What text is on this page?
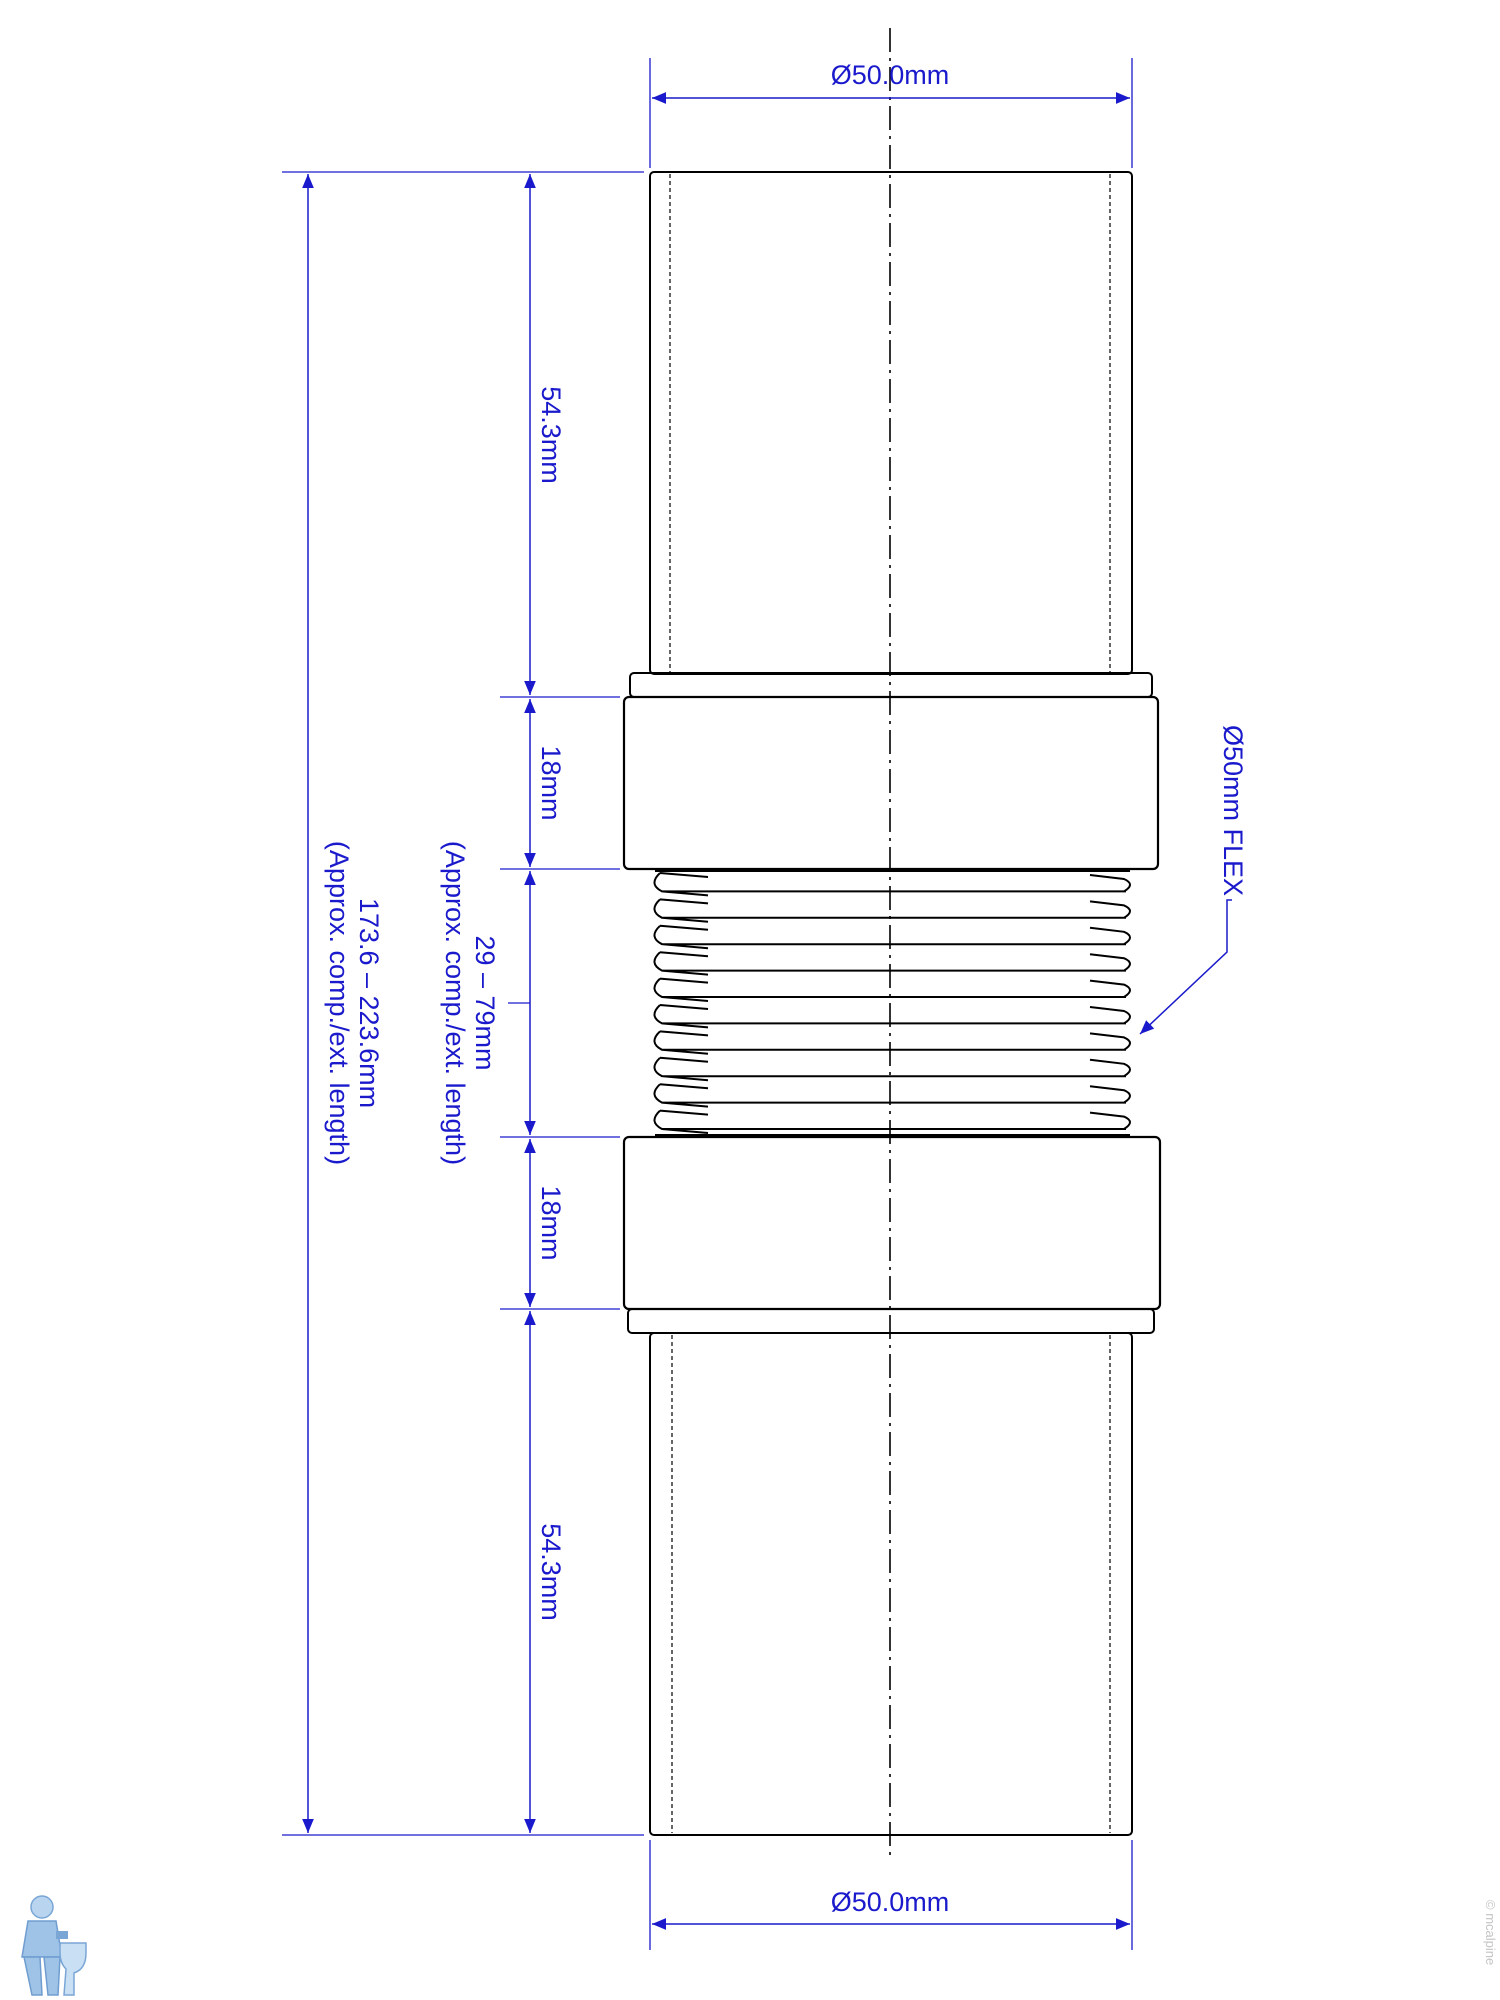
Ø50.0mm
Ø50.0mm
54.3mm
18mm
18mm
54.3mm
29 – 79mm
(Approx. comp./ext. length)
173.6 – 223.6mm
(Approx. comp./ext. length)
Ø50mm FLEX
© mcalpine
